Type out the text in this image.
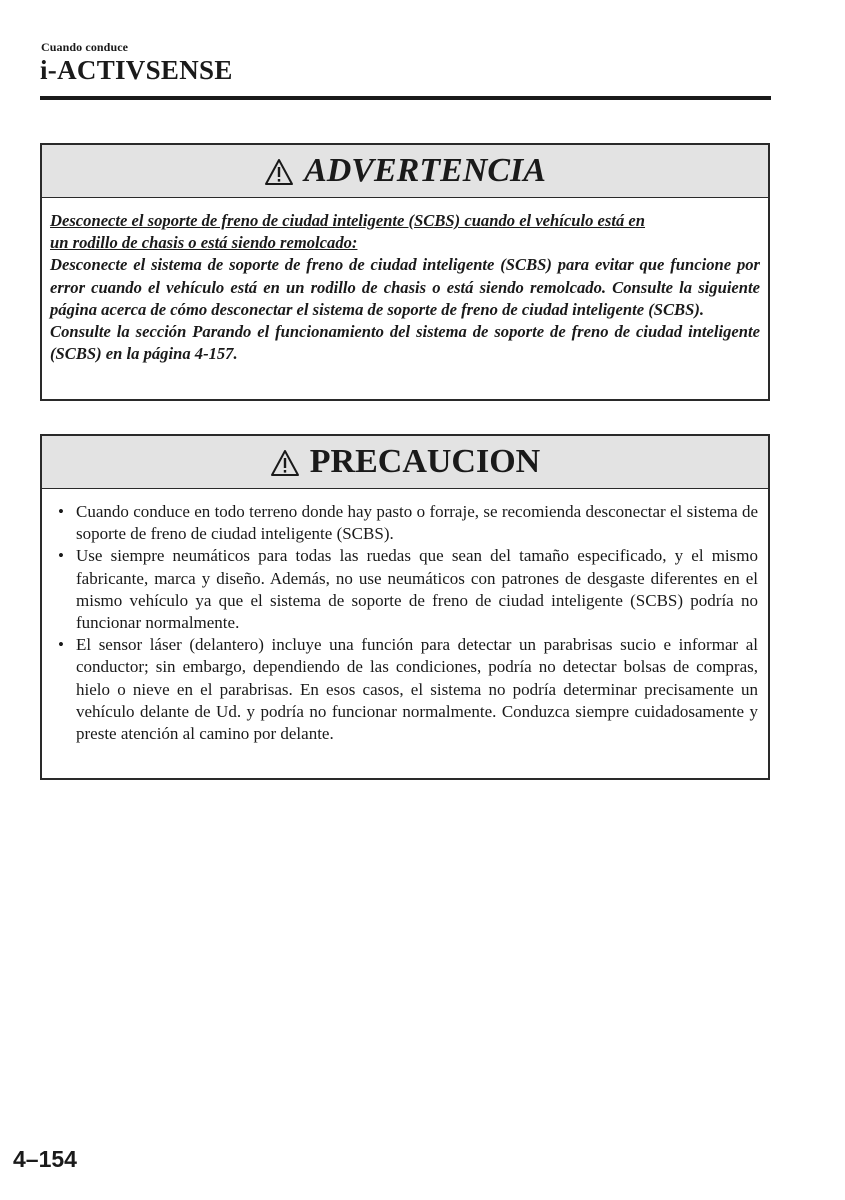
Cuando conduce
i-ACTIVSENSE
ADVERTENCIA

Desconecte el soporte de freno de ciudad inteligente (SCBS) cuando el vehículo está en
un rodillo de chasis o está siendo remolcado:
Desconecte el sistema de soporte de freno de ciudad inteligente (SCBS) para evitar que funcione por error cuando el vehículo está en un rodillo de chasis o está siendo remolcado. Consulte la siguiente página acerca de cómo desconectar el sistema de soporte de freno de ciudad inteligente (SCBS).
Consulte la sección Parando el funcionamiento del sistema de soporte de freno de ciudad inteligente (SCBS) en la página 4-157.

PRECAUCION
• Cuando conduce en todo terreno donde hay pasto o forraje, se recomienda desconectar el sistema de soporte de freno de ciudad inteligente (SCBS).
• Use siempre neumáticos para todas las ruedas que sean del tamaño especificado, y el mismo fabricante, marca y diseño. Además, no use neumáticos con patrones de desgaste diferentes en el mismo vehículo ya que el sistema de soporte de freno de ciudad inteligente (SCBS) podría no funcionar normalmente.
• El sensor láser (delantero) incluye una función para detectar un parabrisas sucio e informar al conductor; sin embargo, dependiendo de las condiciones, podría no detectar bolsas de compras, hielo o nieve en el parabrisas. En esos casos, el sistema no podría determinar precisamente un vehículo delante de Ud. y podría no funcionar normalmente. Conduzca siempre cuidadosamente y preste atención al camino por delante.
4–154
